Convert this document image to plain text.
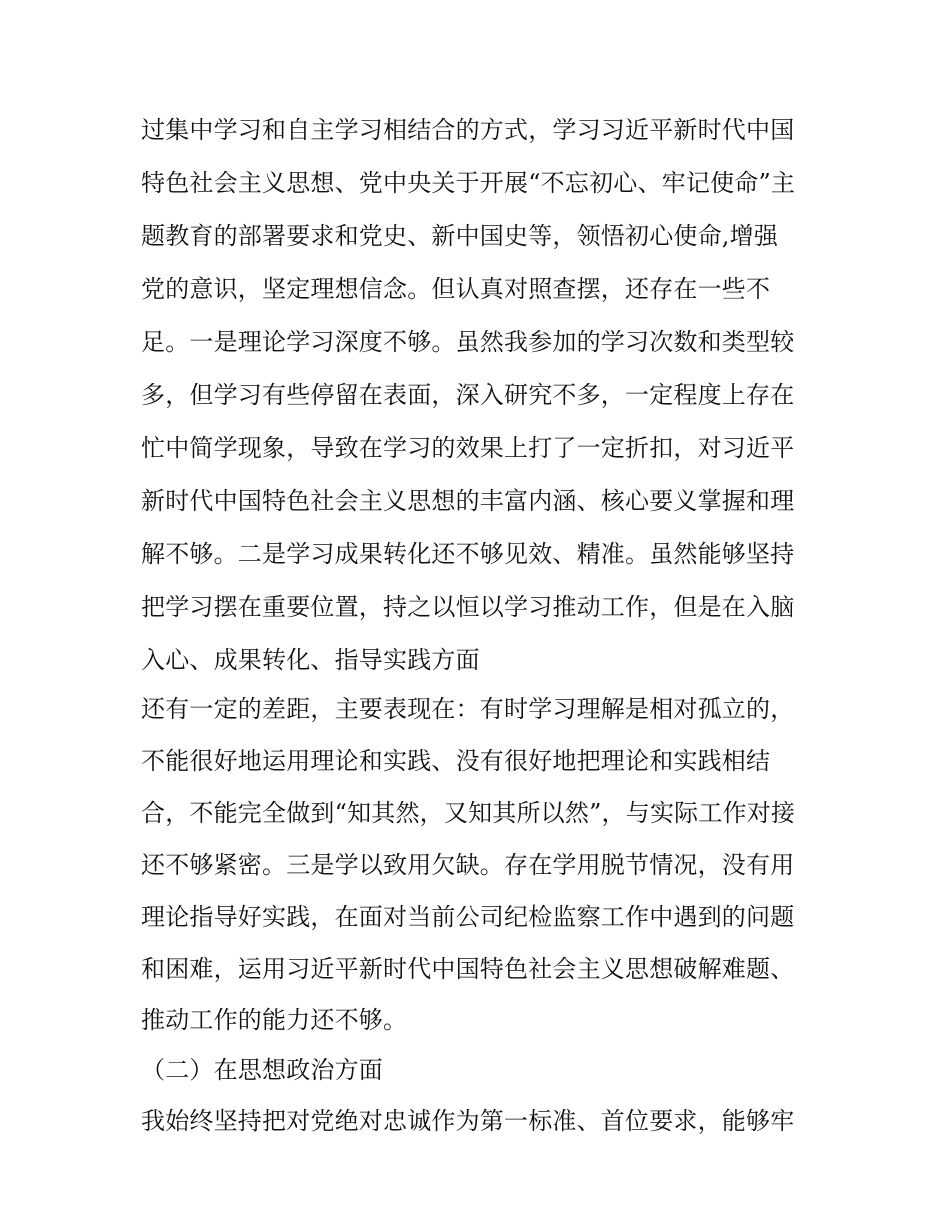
过集中学习和自主学习相结合的方式，学习习近平新时代中国
特色社会主义思想、党中央关于开展“不忘初心、牢记使命”主
题教育的部署要求和党史、新中国史等，领悟初心使命,增强
党的意识，坚定理想信念。但认真对照查摆，还存在一些不
足。一是理论学习深度不够。虽然我参加的学习次数和类型较
多，但学习有些停留在表面，深入研究不多，一定程度上存在
忙中简学现象，导致在学习的效果上打了一定折扣，对习近平
新时代中国特色社会主义思想的丰富内涵、核心要义掌握和理
解不够。二是学习成果转化还不够见效、精准。虽然能够坚持
把学习摆在重要位置，持之以恒以学习推动工作，但是在入脑
入心、成果转化、指导实践方面
还有一定的差距，主要表现在：有时学习理解是相对孤立的，
不能很好地运用理论和实践、没有很好地把理论和实践相结
合，不能完全做到“知其然，又知其所以然”，与实际工作对接
还不够紧密。三是学以致用欠缺。存在学用脱节情况，没有用
理论指导好实践，在面对当前公司纪检监察工作中遇到的问题
和困难，运用习近平新时代中国特色社会主义思想破解难题、
推动工作的能力还不够。
（二）在思想政治方面
我始终坚持把对党绝对忠诚作为第一标准、首位要求，能够牢
